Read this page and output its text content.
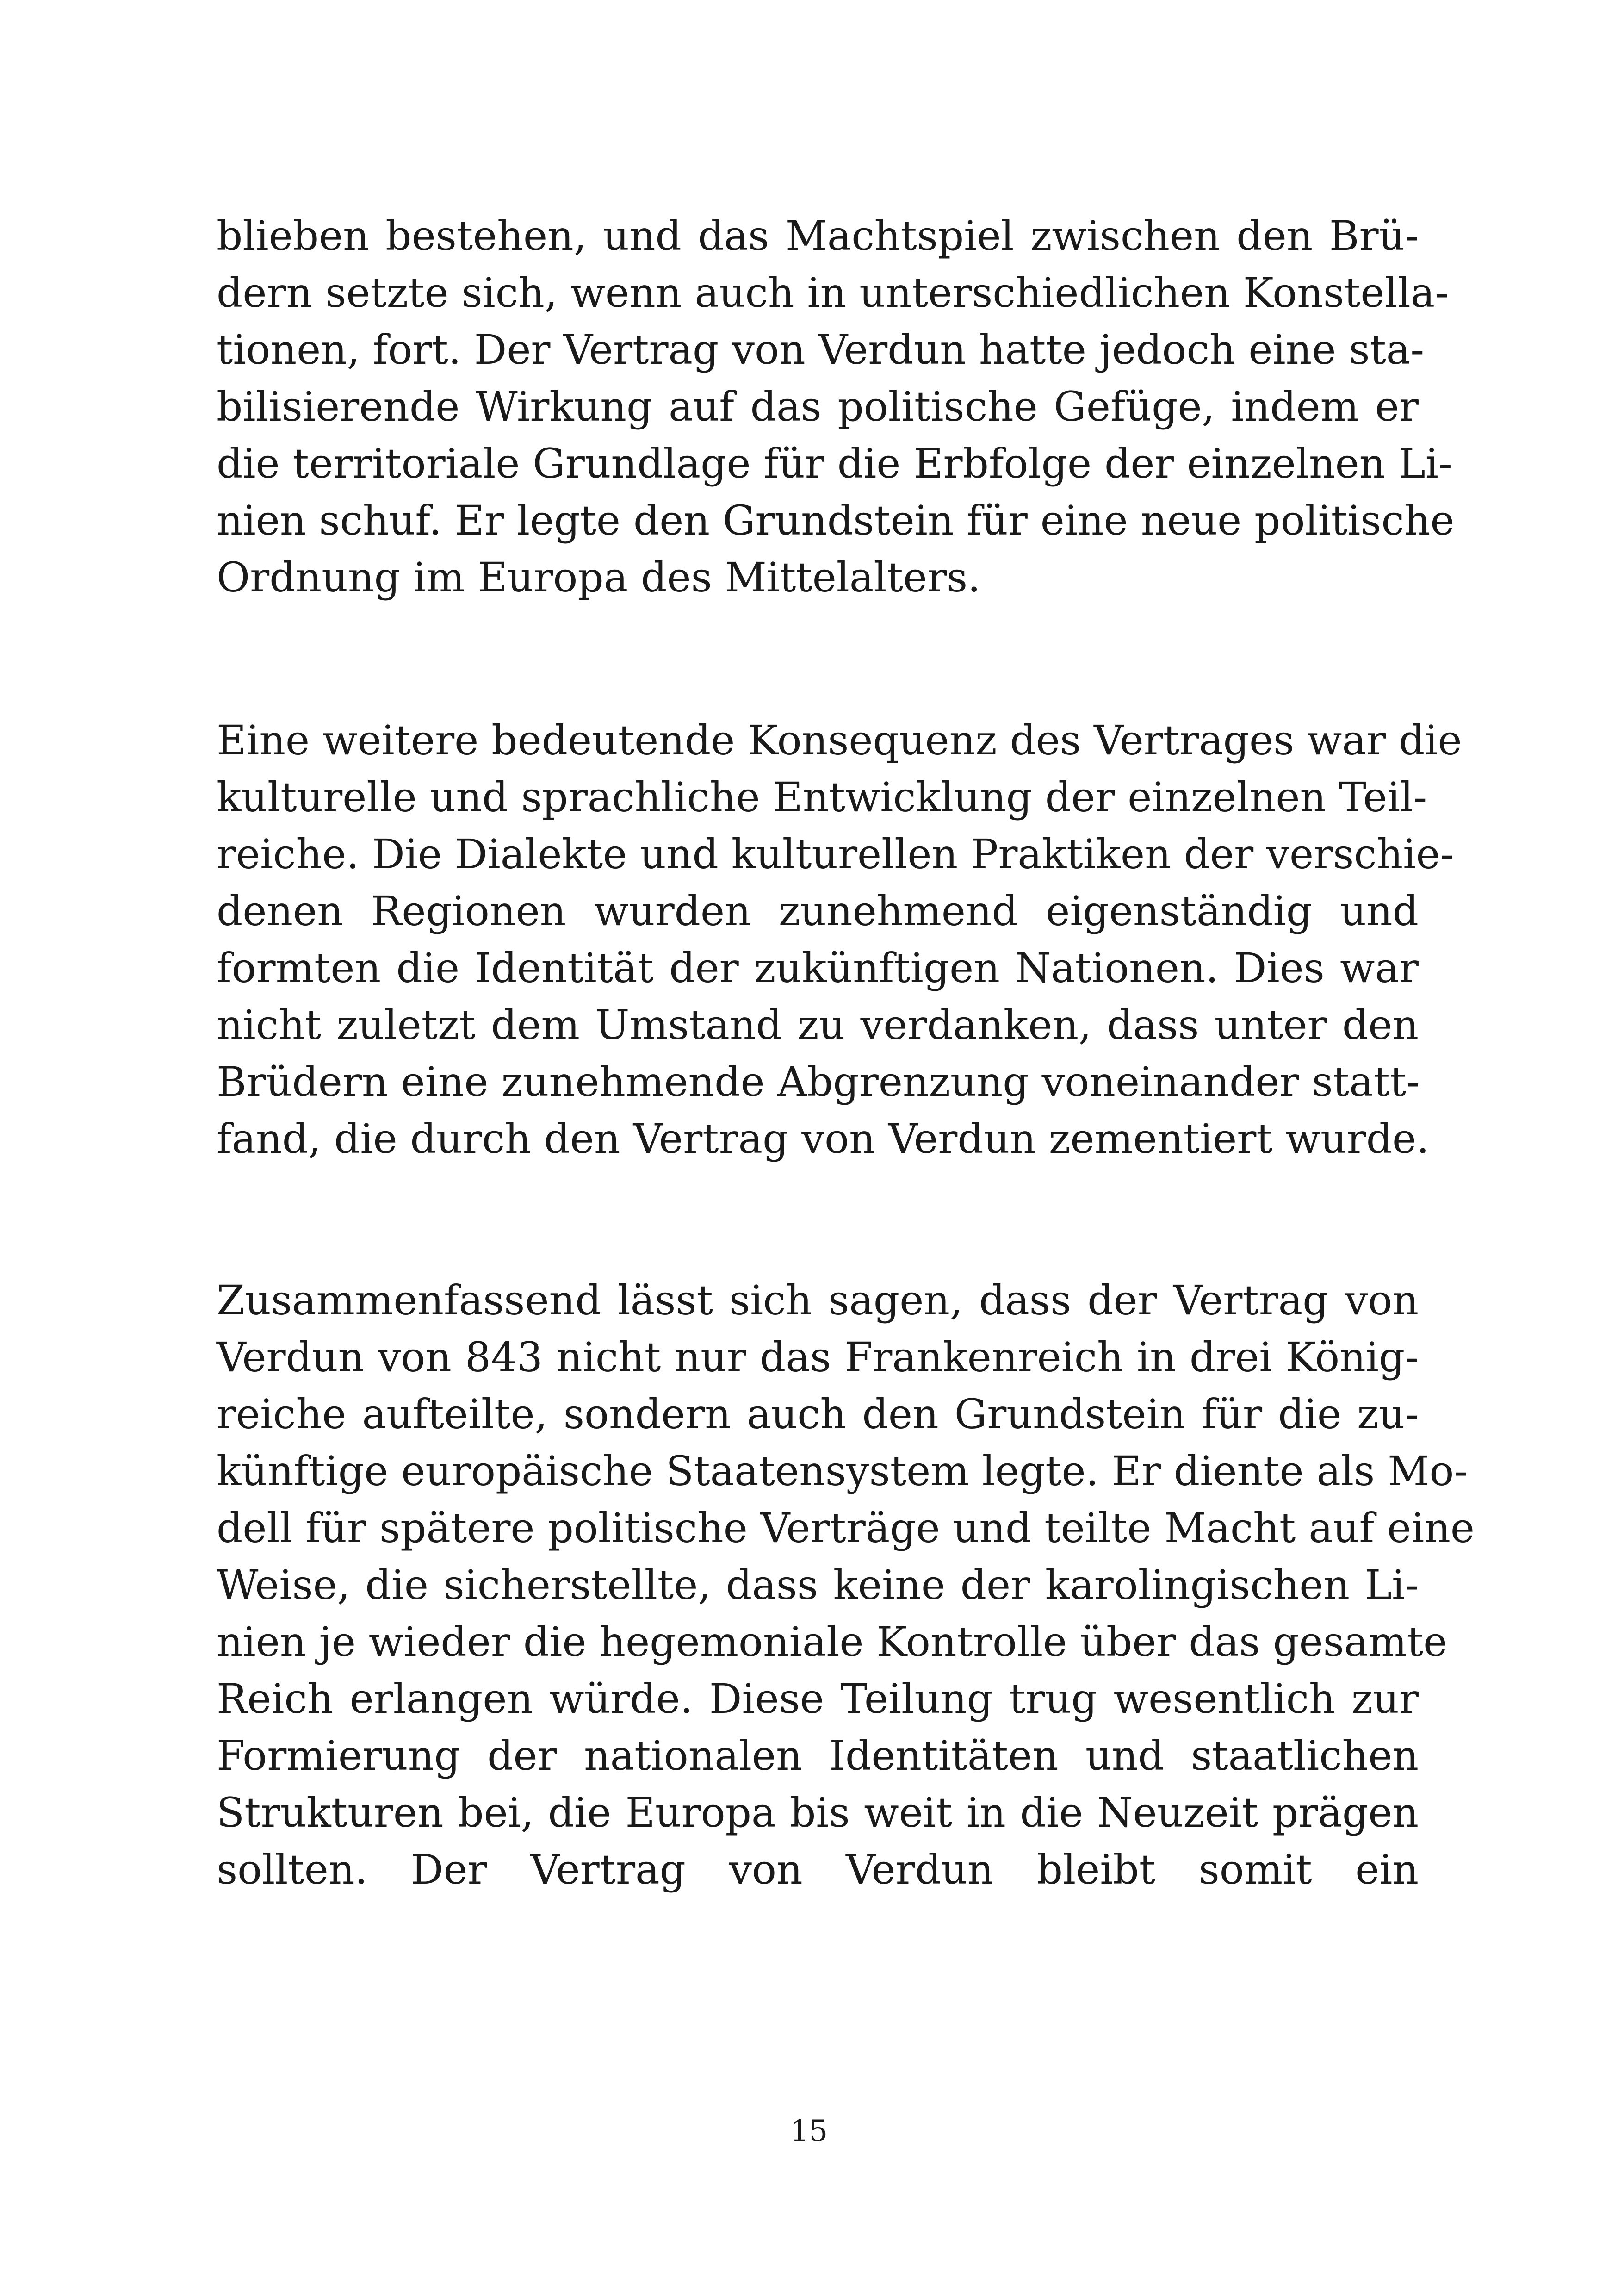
blieben bestehen, und das Machtspiel zwischen den Brü-
dern setzte sich, wenn auch in unterschiedlichen Konstella-
tionen, fort. Der Vertrag von Verdun hatte jedoch eine sta-
bilisierende Wirkung auf das politische Gefüge, indem er
die territoriale Grundlage für die Erbfolge der einzelnen Li-
nien schuf. Er legte den Grundstein für eine neue politische
Ordnung im Europa des Mittelalters.
Eine weitere bedeutende Konsequenz des Vertrages war die
kulturelle und sprachliche Entwicklung der einzelnen Teil-
reiche. Die Dialekte und kulturellen Praktiken der verschie-
denen Regionen wurden zunehmend eigenständig und
formten die Identität der zukünftigen Nationen. Dies war
nicht zuletzt dem Umstand zu verdanken, dass unter den
Brüdern eine zunehmende Abgrenzung voneinander statt-
fand, die durch den Vertrag von Verdun zementiert wurde.
Zusammenfassend lässt sich sagen, dass der Vertrag von
Verdun von 843 nicht nur das Frankenreich in drei König-
reiche aufteilte, sondern auch den Grundstein für die zu-
künftige europäische Staatensystem legte. Er diente als Mo-
dell für spätere politische Verträge und teilte Macht auf eine
Weise, die sicherstellte, dass keine der karolingischen Li-
nien je wieder die hegemoniale Kontrolle über das gesamte
Reich erlangen würde. Diese Teilung trug wesentlich zur
Formierung der nationalen Identitäten und staatlichen
Strukturen bei, die Europa bis weit in die Neuzeit prägen
sollten. Der Vertrag von Verdun bleibt somit ein
15
